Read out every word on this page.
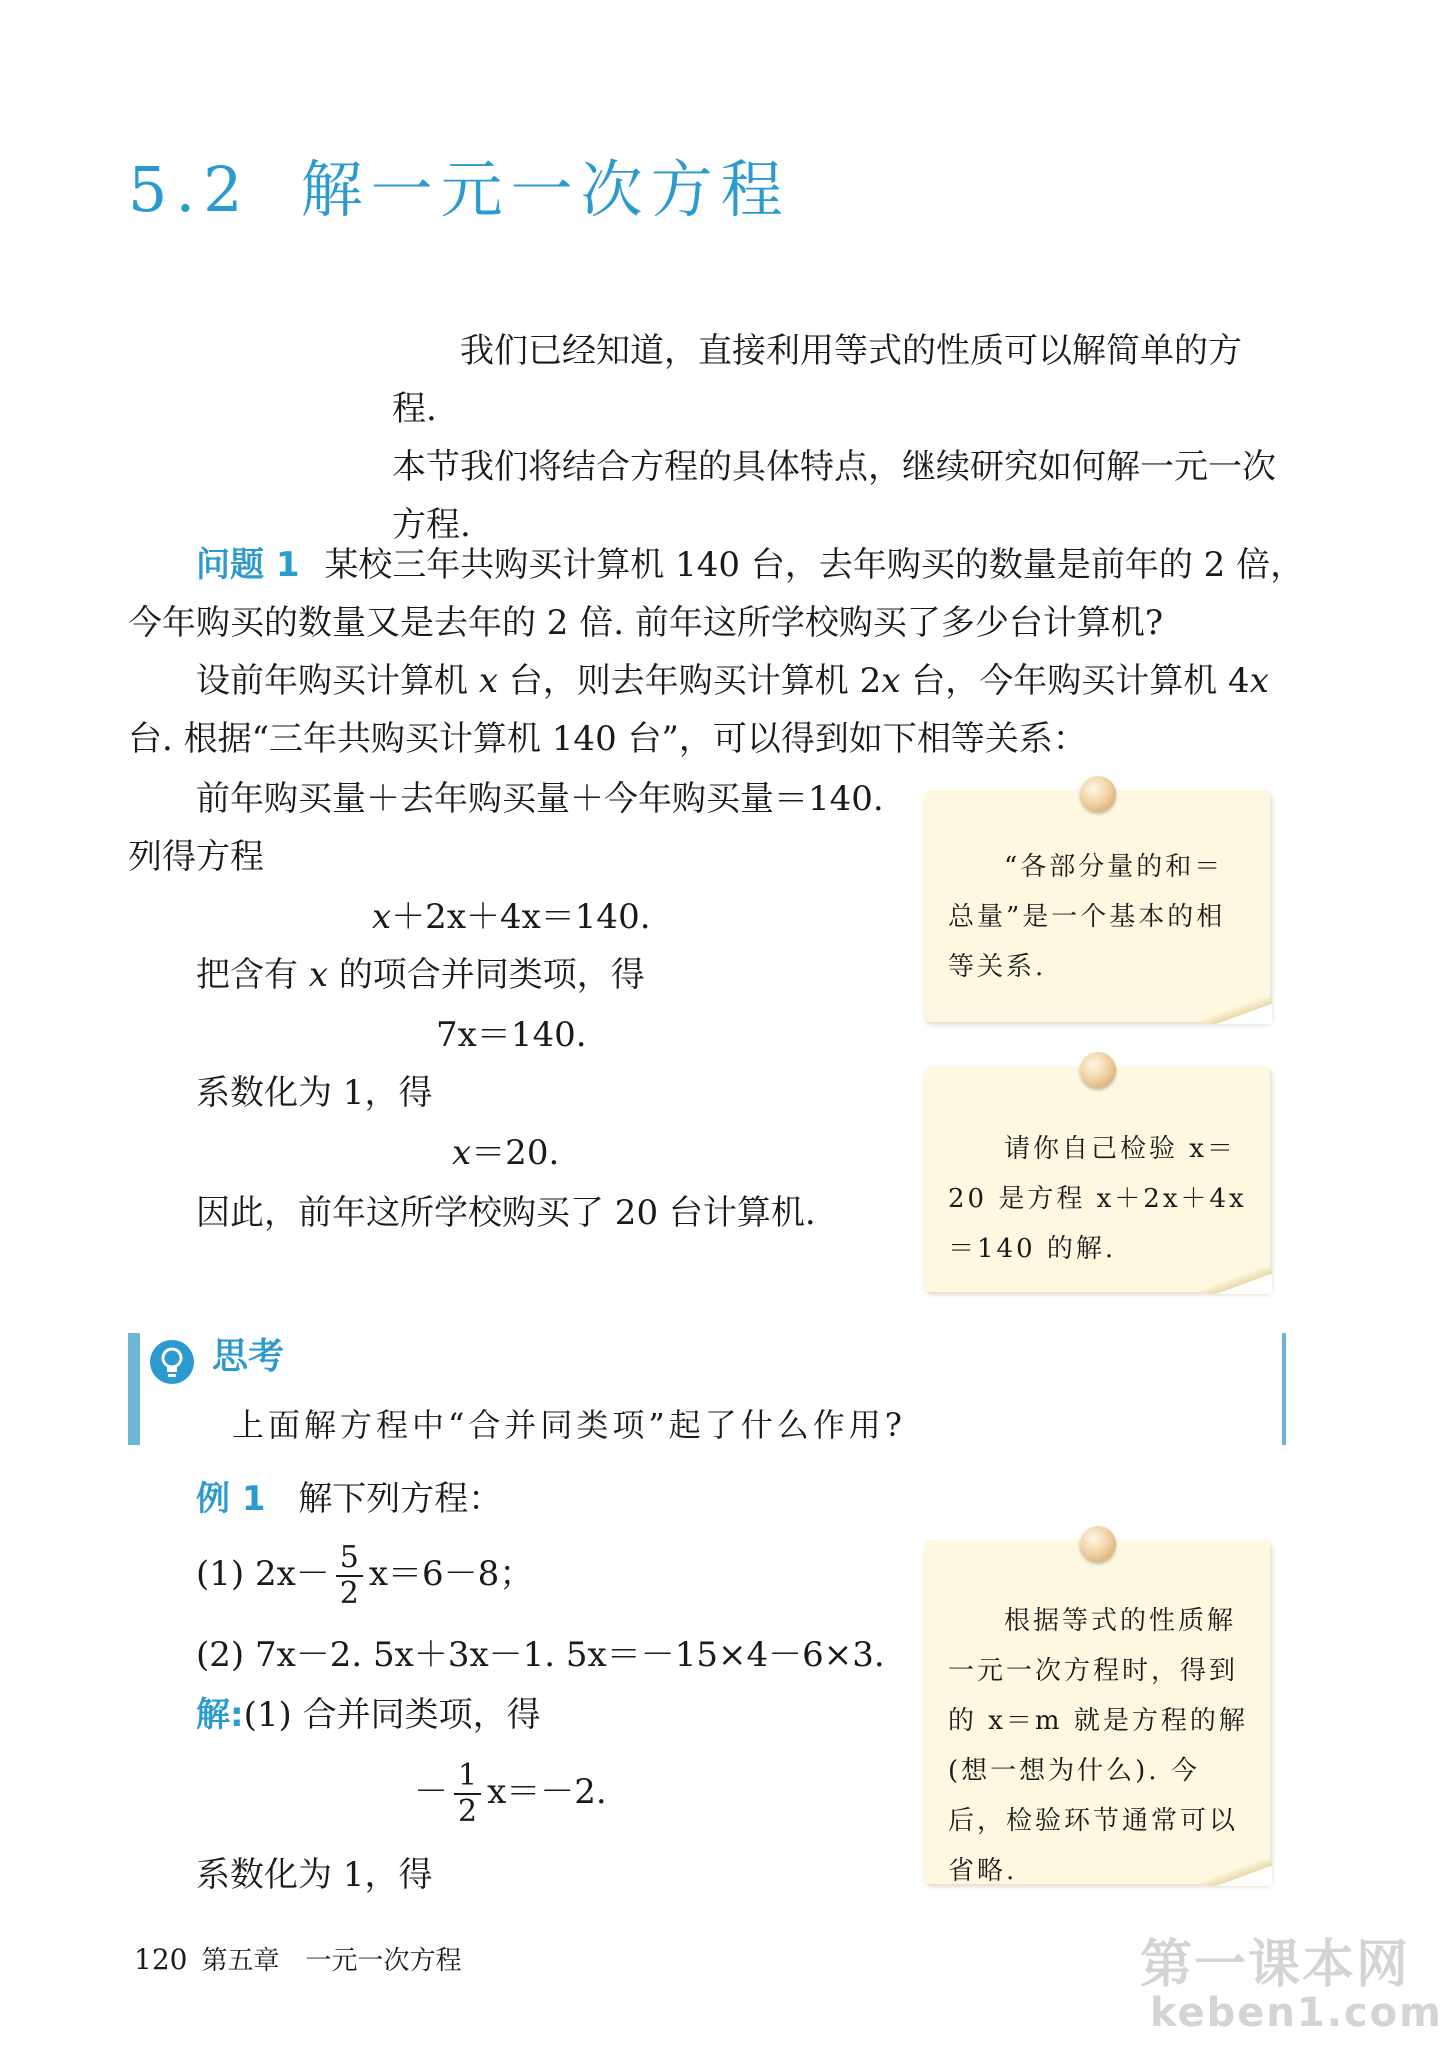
5.2 解一元一次方程

我们已经知道，直接利用等式的性质可以解简单的方程.

本节我们将结合方程的具体特点，继续研究如何解一元一次
方程.
问题 1 某校三年共购买计算机 140 台，去年购买的数量是前年的 2 倍，
今年购买的数量又是去年的 2 倍. 前年这所学校购买了多少台计算机?
设前年购买计算机 x 台，则去年购买计算机 2x 台，今年购买计算机 4x
台. 根据“三年共购买计算机 140 台”，可以得到如下相等关系：
前年购买量＋去年购买量＋今年购买量＝140.
列得方程
x＋2x＋4x＝140.
把含有 x 的项合并同类项，得
7x＝140.
系数化为 1，得
x＝20.
因此，前年这所学校购买了 20 台计算机.

“各部分量的和＝总量”是一个基本的相等关系.

请你自己检验 x＝20 是方程 x＋2x＋4x＝140 的解.

思考
上面解方程中“合并同类项”起了什么作用?
例 1 解下列方程：
(1) $2x- \frac{5}{2} x=6-8$；
(2) 7x－2. 5x＋3x－1. 5x＝－15×4－6×3.
解:(1) 合并同类项，得
－ $\frac{1}{2} x=-2$.
系数化为 1，得

根据等式的性质解一元一次方程时，得到的 x＝m 就是方程的解(想一想为什么). 今后，检验环节通常可以省略.

120 第五章　一元一次方程	第一课本网
keben1.com
